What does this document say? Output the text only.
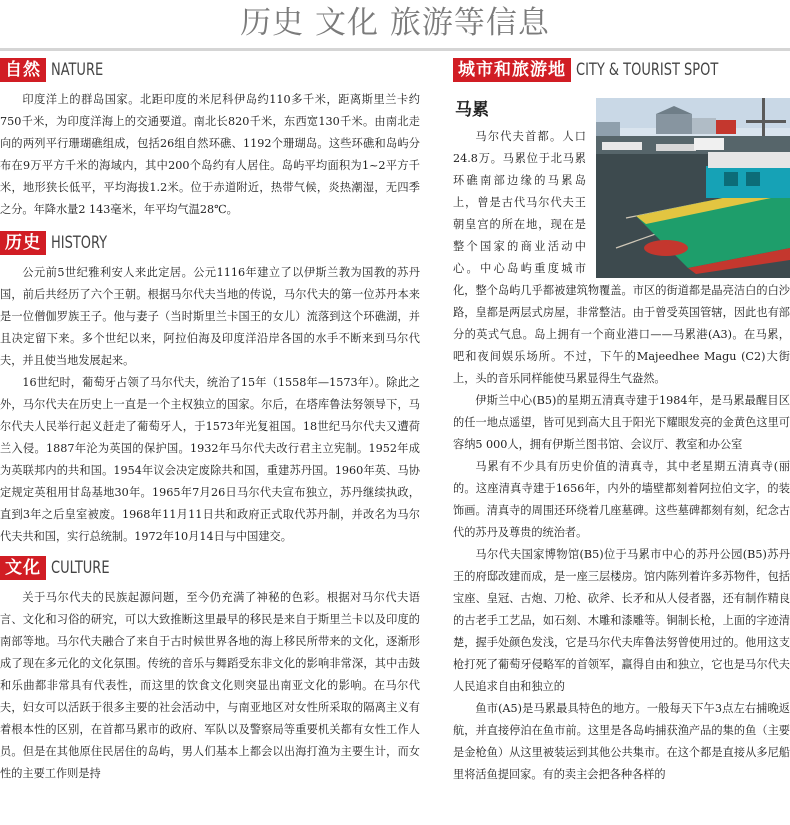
历史 文化 旅游等信息
自然 NATURE

印度洋上的群岛国家。北距印度的米尼科伊岛约110多千米，距离斯里兰卡约750千米，为印度洋海上的交通要道。南北长820千米，东西宽130千米。由南北走向的两列平行珊瑚礁组成，包括26组自然环礁、1192个珊瑚岛。这些环礁和岛屿分布在9万平方千米的海域内，其中200个岛约有人居住。岛屿平均面积为1~2平方千米，地形狭长低平，平均海拔1.2米。位于赤道附近，热带气候，炎热潮湿，无四季之分。年降水量2 143毫米，年平均气温28℃。

历史 HISTORY

公元前5世纪雅利安人来此定居。公元1116年建立了以伊斯兰教为国教的苏丹国，前后共经历了六个王朝。根据马尔代夫当地的传说，马尔代夫的第一位苏丹本来是一位僧伽罗族王子。他与妻子（当时斯里兰卡国王的女儿）流落到这个环礁湖，并且决定留下来。多个世纪以来，阿拉伯海及印度洋沿岸各国的水手不断来到马尔代夫，并且使当地发展起来。

16世纪时，葡萄牙占领了马尔代夫，统治了15年（1558年—1573年）。除此之外，马尔代夫在历史上一直是一个主权独立的国家。尔后，在塔库鲁法努领导下，马尔代夫人民举行起义赶走了葡萄牙人，于1573年光复祖国。18世纪马尔代夫又遭荷兰入侵。1887年沦为英国的保护国。1932年马尔代夫改行君主立宪制。1952年成为英联邦内的共和国。1954年议会决定废除共和国，重建苏丹国。1960年英、马协定规定英租用甘岛基地30年。1965年7月26日马尔代夫宣布独立，苏丹继续执政，直到3年之后皇室被废。1968年11月11日共和政府正式取代苏丹制，并改名为马尔代夫共和国，实行总统制。1972年10月14日与中国建交。

文化 CULTURE

关于马尔代夫的民族起源问题，至今仍充满了神秘的色彩。根据对马尔代夫语言、文化和习俗的研究，可以大致推断这里最早的移民是来自于斯里兰卡以及印度的南部等地。马尔代夫融合了来自于古时候世界各地的海上移民所带来的文化，逐渐形成了现在多元化的文化氛围。传统的音乐与舞蹈受东非文化的影响非常深，其中击鼓和乐曲都非常具有代表性，而这里的饮食文化则突显出南亚文化的影响。在马尔代夫，妇女可以活跃于很多主要的社会活动中，与南亚地区对女性所采取的隔离主义有着根本性的区别，在首都马累市的政府、军队以及警察局等重要机关都有女性工作人员。但是在其他原住民居住的岛屿，男人们基本上都会以出海打渔为主要生计，而女性的主要工作则是持

城市和旅游地 CITY & TOURIST SPOT
马累

马尔代夫首都。人口24.8万。马累位于北马累环礁南部边缘的马累岛上，曾是古代马尔代夫王朝皇宫的所在地，现在是整个国家的商业活动中心。中心岛屿重度城市化，整个岛屿几乎都被建筑物覆盖。市区的街道都是晶亮洁白的白沙路，皇都是两层式房屋，非常整洁。由于曾受英国管辖，因此也有部分的英式气息。岛上拥有一个商业港口——马累港(A3)。在马累，吧和夜间娱乐场所。不过，下午的Majeedhee Magu (C2)大街上，头的音乐同样能使马累显得生气盎然。

伊斯兰中心(B5)的星期五清真寺建于1984年，是马累最醒目区的任一地点遥望，皆可见到高大且于阳光下耀眼发亮的金黄色这里可容纳5 000人，拥有伊斯兰图书馆、会议厅、教室和办公室

马累有不少具有历史价值的清真寺，其中老星期五清真寺(丽的。这座清真寺建于1656年，内外的墙壁都刻着阿拉伯文字，的装饰画。清真寺的周围还环绕着几座墓碑。这些墓碑都刻有刻，纪念古代的苏丹及尊贵的统治者。

马尔代夫国家博物馆(B5)位于马累市中心的苏丹公园(B5)苏丹王的府邸改建而成，是一座三层楼房。馆内陈列着许多苏物件，包括宝座、皇冠、古炮、刀枪、砍斧、长矛和从人侵者器，还有制作精良的古老手工艺品，如石刻、木雕和漆雕等。铜制长枪，上面的字迹清楚，握手处颜色发浅，它是马尔代夫库鲁法努曾使用过的。他用这支枪打死了葡萄牙侵略军的首领军，赢得自由和独立，它也是马尔代夫人民追求自由和独立的

鱼市(A5)是马累最具特色的地方。一般每天下午3点左右捕晚返航，并直接停泊在鱼市前。这里是各岛屿捕获渔产品的集的鱼（主要是金枪鱼）从这里被装运到其他公共集市。在这个都是直接从多尼船里将活鱼提回家。有的卖主会把各种各样的
